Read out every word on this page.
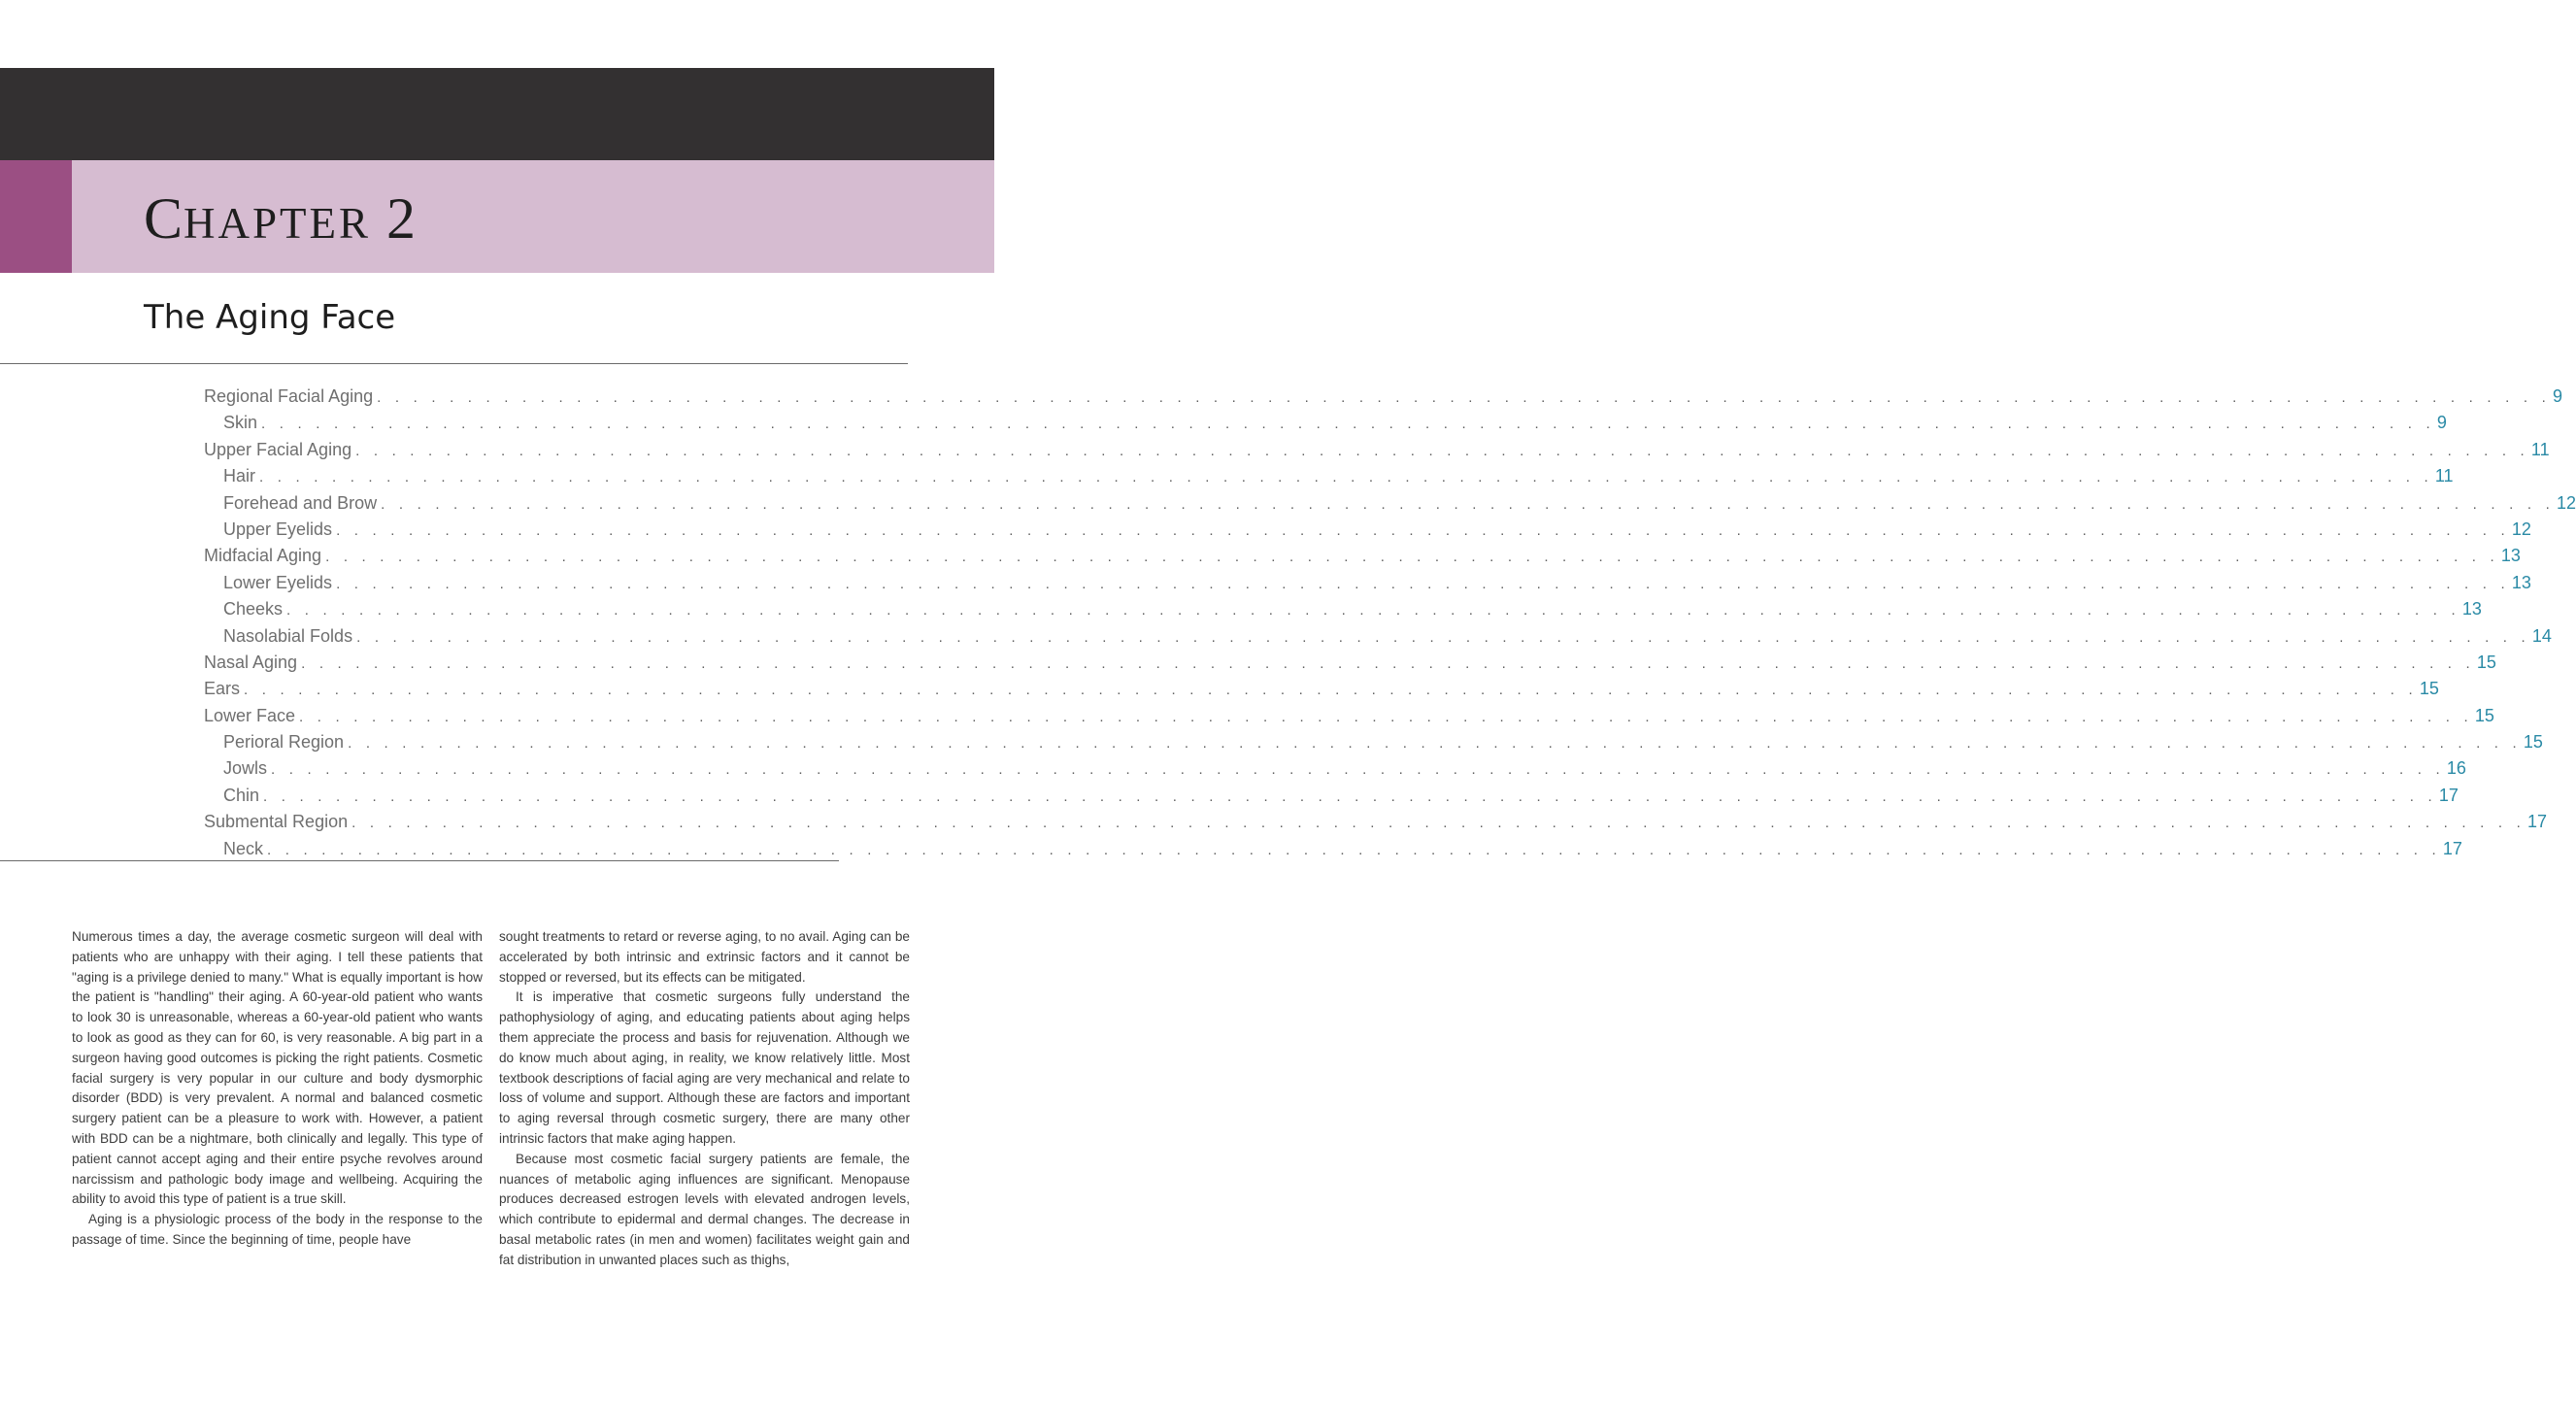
CHAPTER 2
The Aging Face
Regional Facial Aging . . . . . . . . . . . . . . . . . . . . . . . . . . . . . . . . . . . . . . . . . . . . . . . . . . . . . . . . . . . . . . . . . . . . . . . . . . . . . . . . . . . . . . . . . . . . . . . . . . . . . . . . . . . . . . . . . . . . . . . . 9
Skin . . . . . . . . . . . . . . . . . . . . . . . . . . . . . . . . . . . . . . . . . . . . . . . . . . . . . . . . . . . . . . . . . . . . . . . . . . . . . . . . . . . . . . . . . . . . . . . . . . . . . . . . . . . . . . . . . . . . . . . . 9
Upper Facial Aging . . . . . . . . . . . . . . . . . . . . . . . . . . . . . . . . . . . . . . . . . . . . . . . . . . . . . . . . . . . . . . . . . . . . . . . . . . . . . . . . . . . . . . . . . . . . . . . . . . . . . . . . . . . . . . . . . . . . . . . . 11
Hair . . . . . . . . . . . . . . . . . . . . . . . . . . . . . . . . . . . . . . . . . . . . . . . . . . . . . . . . . . . . . . . . . . . . . . . . . . . . . . . . . . . . . . . . . . . . . . . . . . . . . . . . . . . . . . . . . . . . . . . . 11
Forehead and Brow . . . . . . . . . . . . . . . . . . . . . . . . . . . . . . . . . . . . . . . . . . . . . . . . . . . . . . . . . . . . . . . . . . . . . . . . . . . . . . . . . . . . . . . . . . . . . . . . . . . . . . . . . . . . . . . . . . . . . . . . 12
Upper Eyelids . . . . . . . . . . . . . . . . . . . . . . . . . . . . . . . . . . . . . . . . . . . . . . . . . . . . . . . . . . . . . . . . . . . . . . . . . . . . . . . . . . . . . . . . . . . . . . . . . . . . . . . . . . . . . . . . . . . . . . . . 12
Midfacial Aging . . . . . . . . . . . . . . . . . . . . . . . . . . . . . . . . . . . . . . . . . . . . . . . . . . . . . . . . . . . . . . . . . . . . . . . . . . . . . . . . . . . . . . . . . . . . . . . . . . . . . . . . . . . . . . . . . . . . . . . . 13
Lower Eyelids . . . . . . . . . . . . . . . . . . . . . . . . . . . . . . . . . . . . . . . . . . . . . . . . . . . . . . . . . . . . . . . . . . . . . . . . . . . . . . . . . . . . . . . . . . . . . . . . . . . . . . . . . . . . . . . . . . . . . . . . 13
Cheeks . . . . . . . . . . . . . . . . . . . . . . . . . . . . . . . . . . . . . . . . . . . . . . . . . . . . . . . . . . . . . . . . . . . . . . . . . . . . . . . . . . . . . . . . . . . . . . . . . . . . . . . . . . . . . . . . . . . . . . . . 13
Nasolabial Folds . . . . . . . . . . . . . . . . . . . . . . . . . . . . . . . . . . . . . . . . . . . . . . . . . . . . . . . . . . . . . . . . . . . . . . . . . . . . . . . . . . . . . . . . . . . . . . . . . . . . . . . . . . . . . . . . . . . . . . . . 14
Nasal Aging . . . . . . . . . . . . . . . . . . . . . . . . . . . . . . . . . . . . . . . . . . . . . . . . . . . . . . . . . . . . . . . . . . . . . . . . . . . . . . . . . . . . . . . . . . . . . . . . . . . . . . . . . . . . . . . . . . . . . . . . 15
Ears . . . . . . . . . . . . . . . . . . . . . . . . . . . . . . . . . . . . . . . . . . . . . . . . . . . . . . . . . . . . . . . . . . . . . . . . . . . . . . . . . . . . . . . . . . . . . . . . . . . . . . . . . . . . . . . . . . . . . . . . 15
Lower Face . . . . . . . . . . . . . . . . . . . . . . . . . . . . . . . . . . . . . . . . . . . . . . . . . . . . . . . . . . . . . . . . . . . . . . . . . . . . . . . . . . . . . . . . . . . . . . . . . . . . . . . . . . . . . . . . . . . . . . . . 15
Perioral Region . . . . . . . . . . . . . . . . . . . . . . . . . . . . . . . . . . . . . . . . . . . . . . . . . . . . . . . . . . . . . . . . . . . . . . . . . . . . . . . . . . . . . . . . . . . . . . . . . . . . . . . . . . . . . . . . . . . . . . . . 15
Jowls . . . . . . . . . . . . . . . . . . . . . . . . . . . . . . . . . . . . . . . . . . . . . . . . . . . . . . . . . . . . . . . . . . . . . . . . . . . . . . . . . . . . . . . . . . . . . . . . . . . . . . . . . . . . . . . . . . . . . . . . 16
Chin . . . . . . . . . . . . . . . . . . . . . . . . . . . . . . . . . . . . . . . . . . . . . . . . . . . . . . . . . . . . . . . . . . . . . . . . . . . . . . . . . . . . . . . . . . . . . . . . . . . . . . . . . . . . . . . . . . . . . . . . 17
Submental Region . . . . . . . . . . . . . . . . . . . . . . . . . . . . . . . . . . . . . . . . . . . . . . . . . . . . . . . . . . . . . . . . . . . . . . . . . . . . . . . . . . . . . . . . . . . . . . . . . . . . . . . . . . . . . . . . . . . . . . . . 17
Neck . . . . . . . . . . . . . . . . . . . . . . . . . . . . . . . . . . . . . . . . . . . . . . . . . . . . . . . . . . . . . . . . . . . . . . . . . . . . . . . . . . . . . . . . . . . . . . . . . . . . . . . . . . . . . . . . . . . . . . . . 17

Numerous times a day, the average cosmetic surgeon will deal with patients who are unhappy with their aging. I tell these patients that "aging is a privilege denied to many." What is equally important is how the patient is "handling" their aging. A 60-year-old patient who wants to look 30 is unreasonable, whereas a 60-year-old patient who wants to look as good as they can for 60, is very reasonable. A big part in a surgeon having good outcomes is picking the right patients. Cosmetic facial surgery is very popular in our culture and body dysmorphic disorder (BDD) is very prevalent. A normal and balanced cosmetic surgery patient can be a pleasure to work with. However, a patient with BDD can be a nightmare, both clinically and legally. This type of patient cannot accept aging and their entire psyche revolves around narcissism and pathologic body image and wellbeing. Acquiring the ability to avoid this type of patient is a true skill.

Aging is a physiologic process of the body in the response to the passage of time. Since the beginning of time, people have

sought treatments to retard or reverse aging, to no avail. Aging can be accelerated by both intrinsic and extrinsic factors and it cannot be stopped or reversed, but its effects can be mitigated.

It is imperative that cosmetic surgeons fully understand the pathophysiology of aging, and educating patients about aging helps them appreciate the process and basis for rejuvenation. Although we do know much about aging, in reality, we know relatively little. Most textbook descriptions of facial aging are very mechanical and relate to loss of volume and support. Although these are factors and important to aging reversal through cosmetic surgery, there are many other intrinsic factors that make aging happen.

Because most cosmetic facial surgery patients are female, the nuances of metabolic aging influences are significant. Menopause produces decreased estrogen levels with elevated androgen levels, which contribute to epidermal and dermal changes. The decrease in basal metabolic rates (in men and women) facilitates weight gain and fat distribution in unwanted places such as thighs,
